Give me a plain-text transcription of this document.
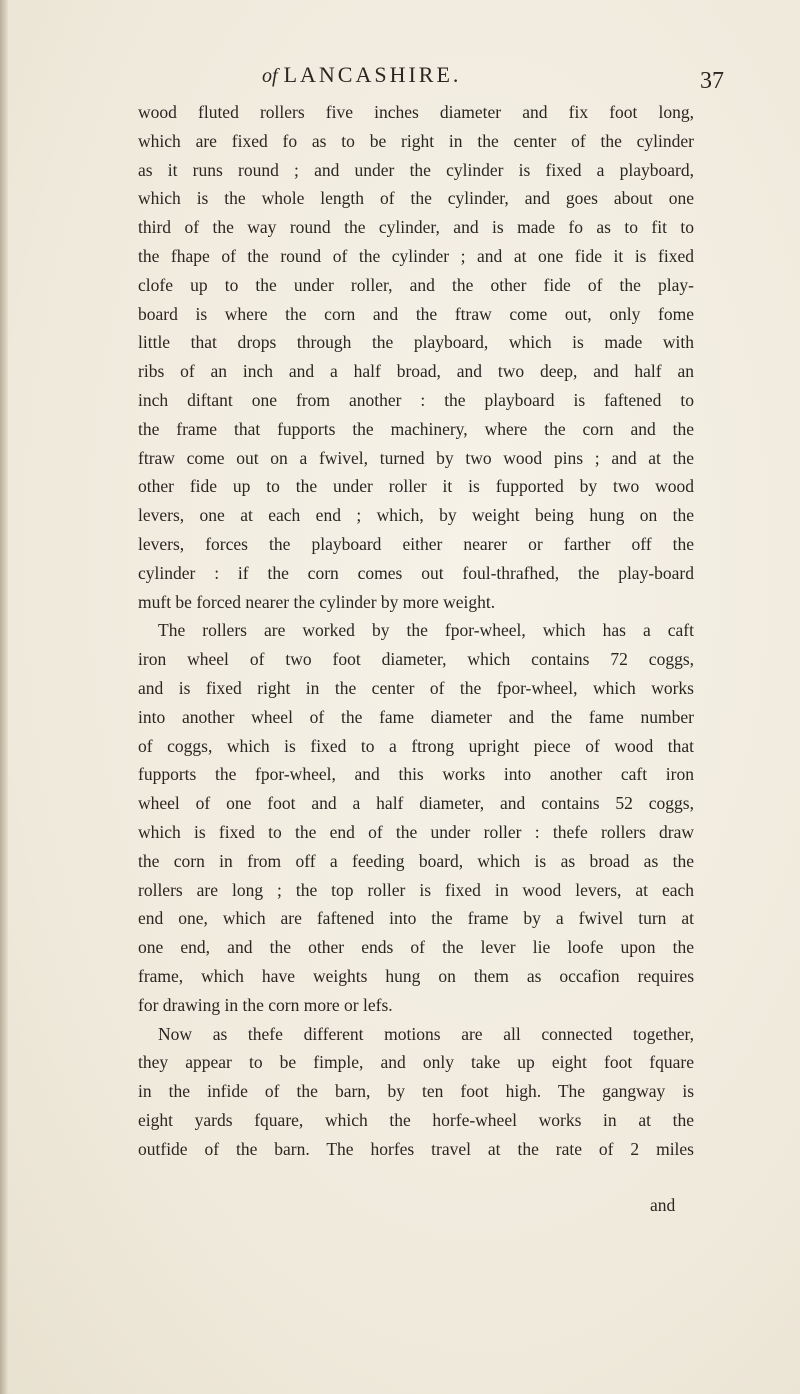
of LANCASHIRE.	37
wood fluted rollers five inches diameter and fix foot long,
which are fixed fo as to be right in the center of the cylinder
as it runs round ; and under the cylinder is fixed a playboard,
which is the whole length of the cylinder, and goes about one
third of the way round the cylinder, and is made fo as to fit to
the fhape of the round of the cylinder ; and at one fide it is fixed
clofe up to the under roller, and the other fide of the play-
board is where the corn and the ftraw come out, only fome
little that drops through the playboard, which is made with
ribs of an inch and a half broad, and two deep, and half an
inch diftant one from another : the playboard is faftened to
the frame that fupports the machinery, where the corn and the
ftraw come out on a fwivel, turned by two wood pins ; and at the
other fide up to the under roller it is fupported by two wood
levers, one at each end ; which, by weight being hung on the
levers, forces the playboard either nearer or farther off the
cylinder : if the corn comes out foul-thrafhed, the play-board
muft be forced nearer the cylinder by more weight.
The rollers are worked by the fpor-wheel, which has a caft
iron wheel of two foot diameter, which contains 72 coggs,
and is fixed right in the center of the fpor-wheel, which works
into another wheel of the fame diameter and the fame number
of coggs, which is fixed to a ftrong upright piece of wood that
fupports the fpor-wheel, and this works into another caft iron
wheel of one foot and a half diameter, and contains 52 coggs,
which is fixed to the end of the under roller : thefe rollers draw
the corn in from off a feeding board, which is as broad as the
rollers are long ; the top roller is fixed in wood levers, at each
end one, which are faftened into the frame by a fwivel turn at
one end, and the other ends of the lever lie loofe upon the
frame, which have weights hung on them as occafion requires
for drawing in the corn more or lefs.
Now as thefe different motions are all connected together,
they appear to be fimple, and only take up eight foot fquare
in the infide of the barn, by ten foot high. The gangway is
eight yards fquare, which the horfe-wheel works in at the
outfide of the barn. The horfes travel at the rate of 2 miles
and
